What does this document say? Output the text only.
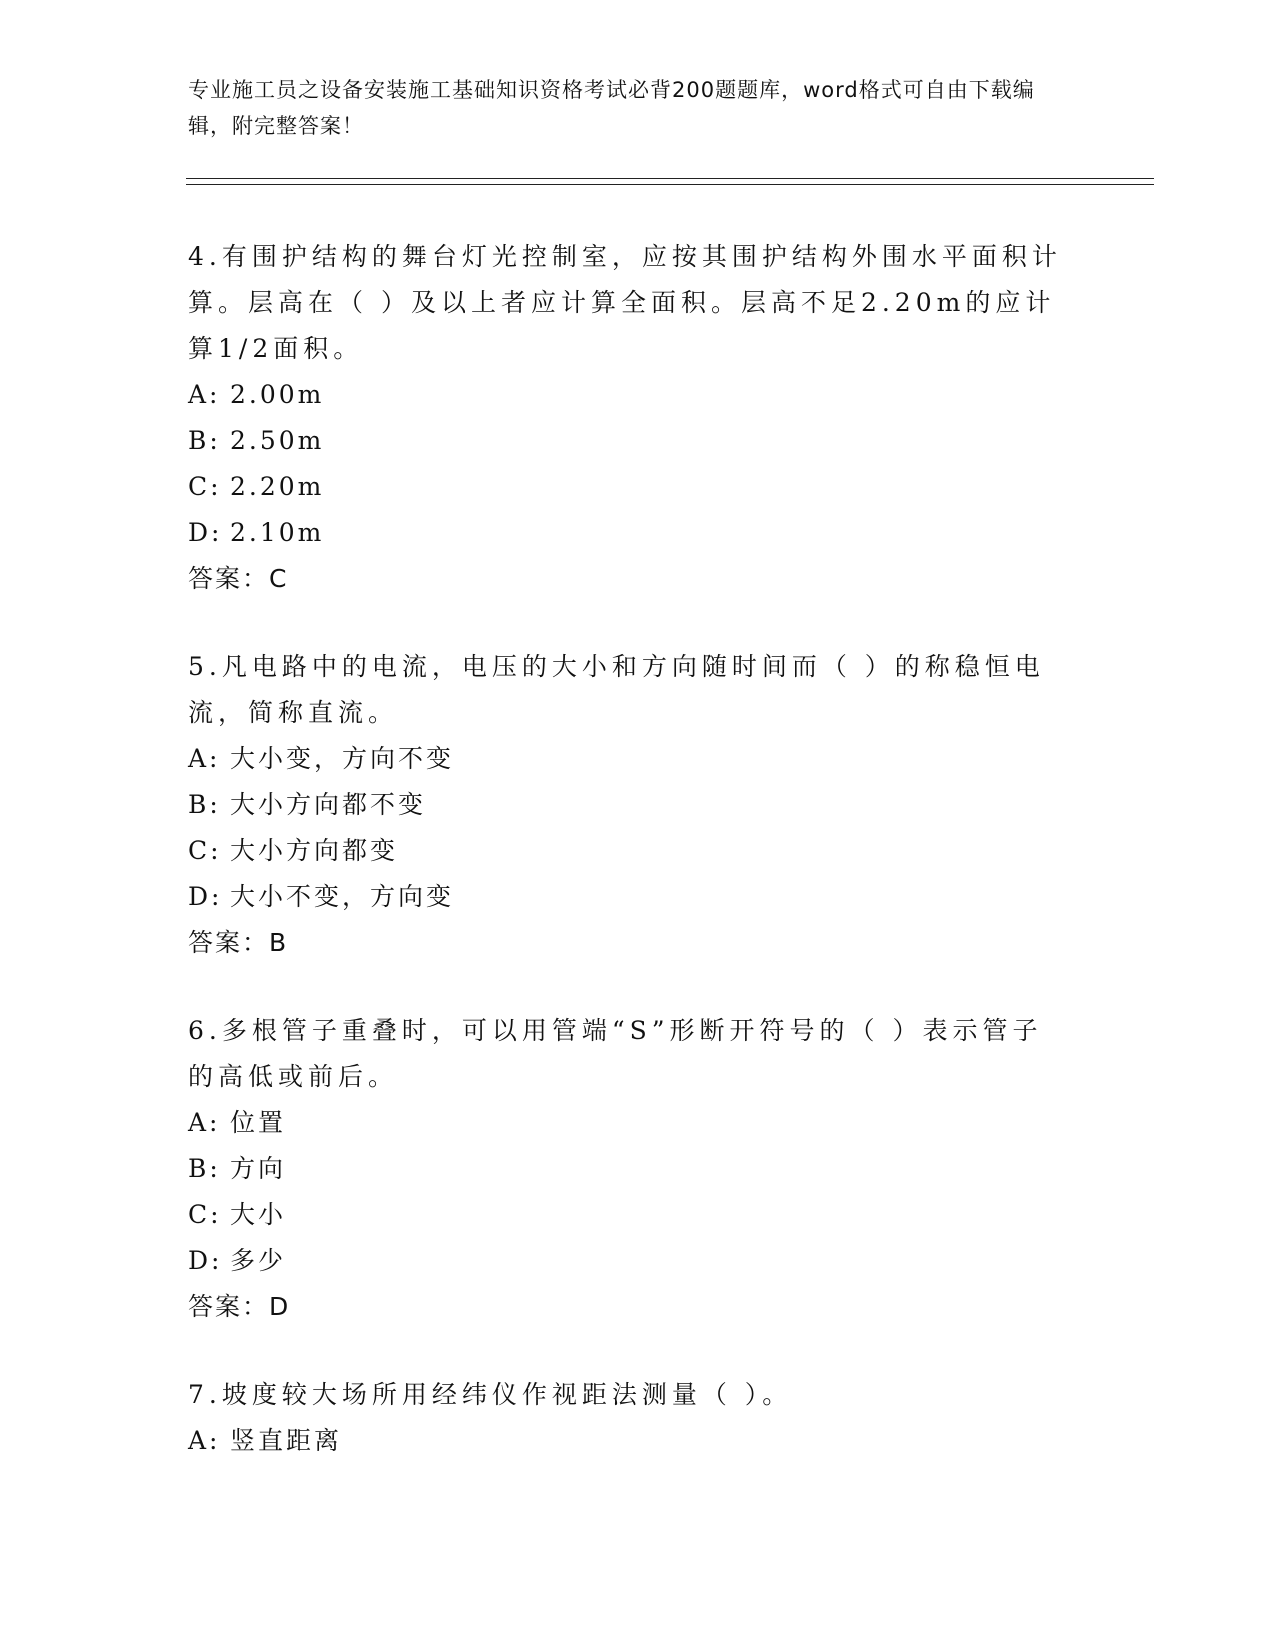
专业施工员之设备安装施工基础知识资格考试必背200题题库，word格式可自由下载编辑，附完整答案！
4.有围护结构的舞台灯光控制室，应按其围护结构外围水平面积计算。层高在（ ）及以上者应计算全面积。层高不足2.20m的应计算1/2面积。
A: 2.00m
B: 2.50m
C: 2.20m
D: 2.10m
答案：C
5.凡电路中的电流，电压的大小和方向随时间而（ ）的称稳恒电流，简称直流。
A: 大小变，方向不变
B: 大小方向都不变
C: 大小方向都变
D: 大小不变，方向变
答案：B
6.多根管子重叠时，可以用管端“S”形断开符号的（ ）表示管子的高低或前后。
A: 位置
B: 方向
C: 大小
D: 多少
答案：D
7.坡度较大场所用经纬仪作视距法测量（ ）。
A: 竖直距离
